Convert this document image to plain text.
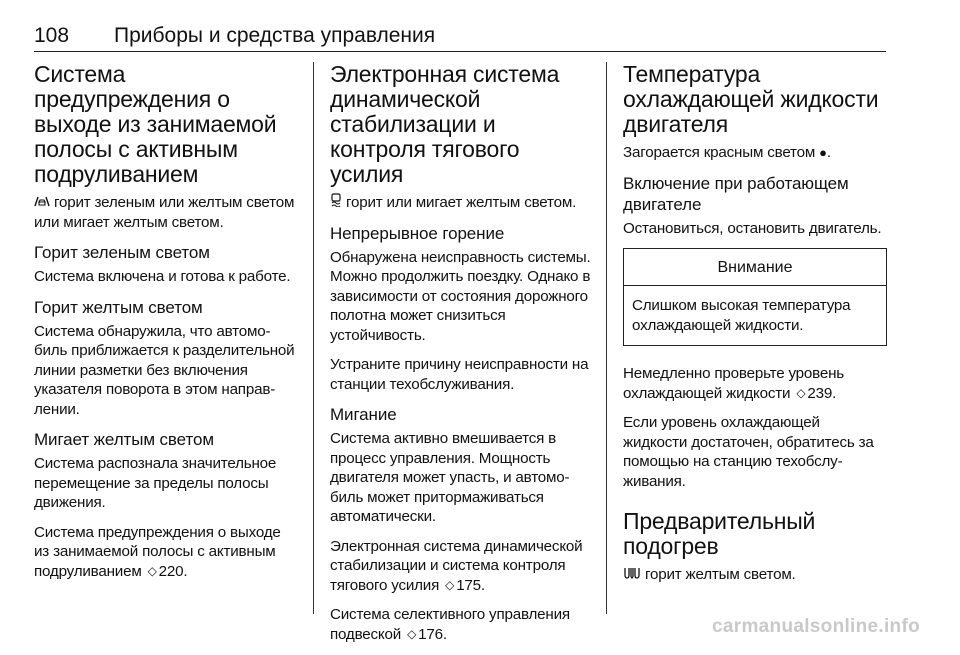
108 Приборы и средства управления
Система предупреждения о выходе из занимаемой полосы с активным подруливанием

горит зеленым или желтым светом или мигает желтым светом.

Горит зеленым светом

Система включена и готова к работе.

Горит желтым светом

Система обнаружила, что автомобиль приближается к разделительной линии разметки без включения указателя поворота в этом направлении.

Мигает желтым светом

Система распознала значительное перемещение за пределы полосы движения.

Система предупреждения о выходе из занимаемой полосы с активным подруливанием ◇ 220.

Электронная система динамической стабилизации и контроля тягового усилия

горит или мигает желтым светом.

Непрерывное горение

Обнаружена неисправность системы. Можно продолжить поездку. Однако в зависимости от состояния дорожного полотна может снизиться устойчивость.

Устраните причину неисправности на станции техобслуживания.

Мигание

Система активно вмешивается в процесс управления. Мощность двигателя может упасть, и автомобиль может притормаживаться автоматически.

Электронная система динамической стабилизации и система контроля тягового усилия ◇ 175.

Система селективного управления подвеской ◇ 176.

Температура охлаждающей жидкости двигателя

Загорается красным светом ●.

Включение при работающем двигателе

Остановиться, остановить двигатель.

Внимание
Слишком высокая температура охлаждающей жидкости.

Немедленно проверьте уровень охлаждающей жидкости ◇ 239.

Если уровень охлаждающей жидкости достаточен, обратитесь за помощью на станцию техобслуживания.

Предварительный подогрев

горит желтым светом.

carmanualsonline.info
